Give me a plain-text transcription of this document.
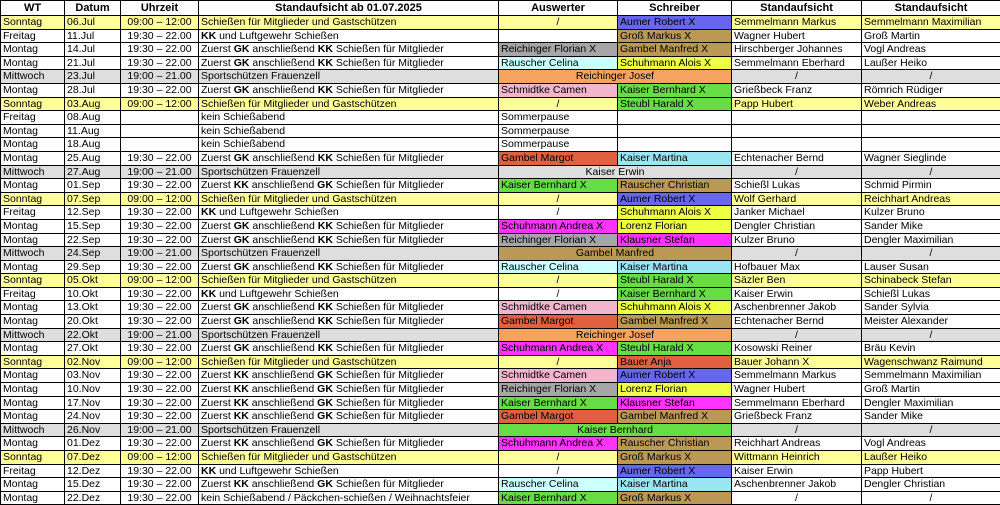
WT	Datum	Uhrzeit	Standaufsicht ab 01.07.2025	Auswerter	Schreiber	Standaufsicht	Standaufsicht
Sonntag	06.Jul	09:00 – 12:00	Schießen für Mitglieder und Gastschützen	/	Aumer Robert X	Semmelmann Markus	Semmelmann Maximilian
Freitag	11.Jul	19:30 – 22.00	KK und Luftgewehr Schießen		Groß Markus X	Wagner Hubert	Groß Martin
Montag	14.Jul	19:30 – 22.00	Zuerst GK anschließend KK Schießen für Mitglieder	Reichinger Florian X	Gambel Manfred X	Hirschberger Johannes	Vogl Andreas
Montag	21.Jul	19:30 – 22.00	Zuerst GK anschließend KK Schießen für Mitglieder	Rauscher Celina	Schuhmann Alois X	Semmelmann Eberhard	Laußer Heiko
Mittwoch	23.Jul	19:00 – 21.00	Sportschützen Frauenzell	Reichinger Josef		/	/
Montag	28.Jul	19:30 – 22.00	Zuerst GK anschließend KK Schießen für Mitglieder	Schmidtke Camen	Kaiser Bernhard X	Grießbeck Franz	Römrich Rüdiger
Sonntag	03.Aug	09:00 – 12:00	Schießen für Mitglieder und Gastschützen	/	Steubl Harald X	Papp Hubert	Weber Andreas
Freitag	08.Aug		kein Schießabend	Sommerpause			
Montag	11.Aug		kein Schießabend	Sommerpause			
Montag	18.Aug		kein Schießabend	Sommerpause			
Montag	25.Aug	19:30 – 22.00	Zuerst GK anschließend KK Schießen für Mitglieder	Gambel Margot	Kaiser Martina	Echtenacher Bernd	Wagner Sieglinde
Mittwoch	27.Aug	19:00 – 21.00	Sportschützen Frauenzell	Kaiser Erwin		/	/
Montag	01.Sep	19:30 – 22.00	Zuerst KK anschließend GK Schießen für Mitglieder	Kaiser Bernhard X	Rauscher Christian	Schießl Lukas	Schmid Pirmin
Sonntag	07.Sep	09:00 – 12:00	Schießen für Mitglieder und Gastschützen	/	Aumer Robert X	Wolf Gerhard	Reichhart Andreas
Freitag	12.Sep	19:30 – 22.00	KK und Luftgewehr Schießen	/	Schuhmann Alois X	Janker Michael	Kulzer Bruno
Montag	15.Sep	19:30 – 22.00	Zuerst GK anschließend KK Schießen für Mitglieder	Schuhmann Andrea X	Lorenz Florian	Dengler Christian	Sander Mike
Montag	22.Sep	19:30 – 22.00	Zuerst GK anschließend KK Schießen für Mitglieder	Reichinger Florian X	Klausner Stefan	Kulzer Bruno	Dengler Maximilian
Mittwoch	24.Sep	19:00 – 21.00	Sportschützen Frauenzell	Gambel Manfred		/	/
Montag	29.Sep	19:30 – 22.00	Zuerst GK anschließend KK Schießen für Mitglieder	Rauscher Celina	Kaiser Martina	Hofbauer Max	Lauser Susan
Sonntag	05.Okt	09:00 – 12:00	Schießen für Mitglieder und Gastschützen	/	Steubl Harald X	Säzler Ben	Schinabeck Stefan
Freitag	10.Okt	19:30 – 22.00	KK und Luftgewehr Schießen	/	Kaiser Bernhard X	Kaiser Erwin	Schießl Lukas
Montag	13.Okt	19:30 – 22.00	Zuerst GK anschließend KK Schießen für Mitglieder	Schmidtke Camen	Schuhmann Alois X	Aschenbrenner Jakob	Sander Sylvia
Montag	20.Okt	19:30 – 22.00	Zuerst GK anschließend KK Schießen für Mitglieder	Gambel Margot	Gambel Manfred X	Echtenacher Bernd	Meister Alexander
Mittwoch	22.Okt	19:00 – 21.00	Sportschützen Frauenzell	Reichinger Josef		/	/
Montag	27.Okt	19:30 – 22.00	Zuerst GK anschließend KK Schießen für Mitglieder	Schuhmann Andrea X	Steubl Harald X	Kosowski Reiner	Bräu Kevin
Sonntag	02.Nov	09:00 – 12:00	Schießen für Mitglieder und Gastschützen	/	Bauer Anja	Bauer Johann X	Wagenschwanz Raimund
Montag	03.Nov	19:30 – 22.00	Zuerst KK anschließend GK Schießen für Mitglieder	Schmidtke Camen	Aumer Robert X	Semmelmann Markus	Semmelmann Maximilian
Montag	10.Nov	19:30 – 22.00	Zuerst KK anschließend GK Schießen für Mitglieder	Reichinger Florian X	Lorenz Florian	Wagner Hubert	Groß Martin
Montag	17.Nov	19:30 – 22.00	Zuerst KK anschließend GK Schießen für Mitglieder	Kaiser Bernhard X	Klausner Stefan	Semmelmann Eberhard	Dengler Maximilian
Montag	24.Nov	19:30 – 22.00	Zuerst KK anschließend GK Schießen für Mitglieder	Gambel Margot	Gambel Manfred X	Grießbeck Franz	Sander Mike
Mittwoch	26.Nov	19:00 – 21.00	Sportschützen Frauenzell	Kaiser Bernhard		/	/
Montag	01.Dez	19:30 – 22.00	Zuerst KK anschließend GK Schießen für Mitglieder	Schuhmann Andrea X	Rauscher Christian	Reichhart Andreas	Vogl Andreas
Sonntag	07.Dez	09:00 – 12:00	Schießen für Mitglieder und Gastschützen	/	Groß Markus X	Wittmann Heinrich	Laußer Heiko
Freitag	12.Dez	19:30 – 22.00	KK und Luftgewehr Schießen	/	Aumer Robert X	Kaiser Erwin	Papp Hubert
Montag	15.Dez	19:30 – 22.00	Zuerst KK anschließend GK Schießen für Mitglieder	Rauscher Celina	Kaiser Martina	Aschenbrenner Jakob	Dengler Christian
Montag	22.Dez	19:30 – 22.00	kein Schießabend / Päckchen-schießen / Weihnachtsfeier	Kaiser Bernhard X	Groß Markus X	/	/
